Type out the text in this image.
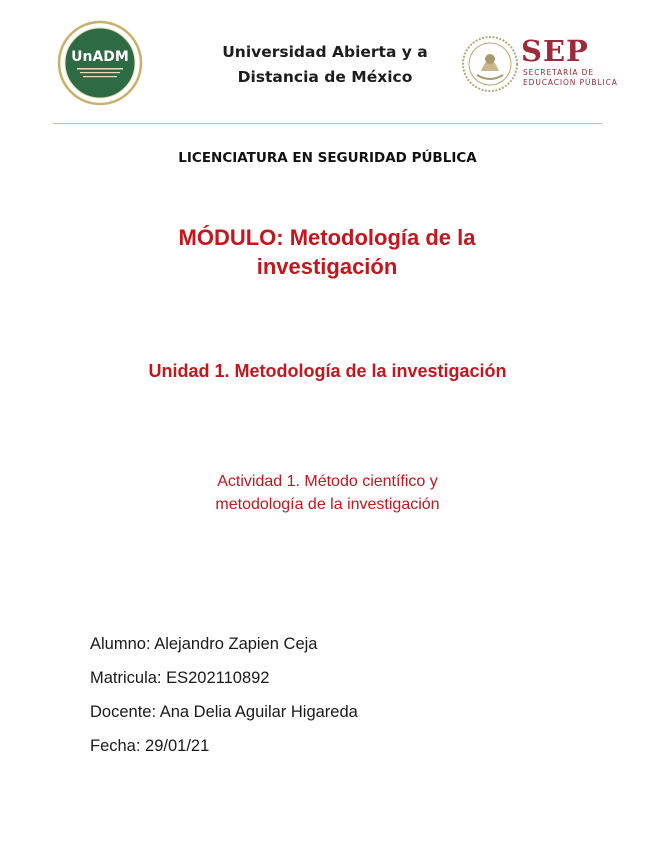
UnADM	Universidad Abierta y a
Distancia de México
SEP
SECRETARÍA DE
EDUCACIÓN PÚBLICA
LICENCIATURA EN SEGURIDAD PÚBLICA
MÓDULO: Metodología de la
investigación
Unidad 1. Metodología de la investigación
Actividad 1. Método científico y
metodología de la investigación
Alumno: Alejandro Zapien Ceja
Matricula: ES202110892
Docente: Ana Delia Aguilar Higareda
Fecha: 29/01/21
